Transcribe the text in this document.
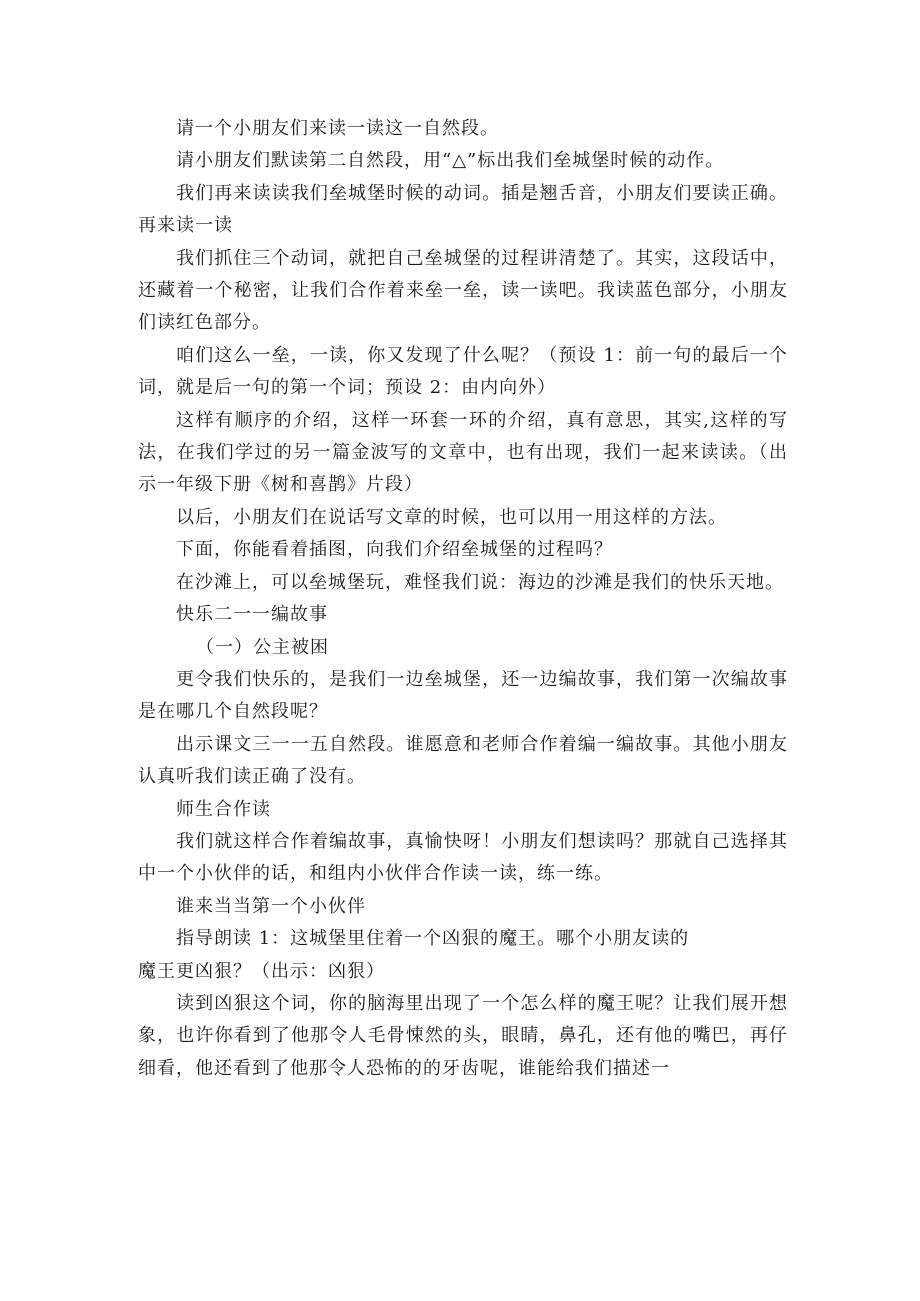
请一个小朋友们来读一读这一自然段。

请小朋友们默读第二自然段，用“△”标出我们垒城堡时候的动作。

我们再来读读我们垒城堡时候的动词。插是翘舌音，小朋友们要读正确。再来读一读

我们抓住三个动词，就把自己垒城堡的过程讲清楚了。其实，这段话中，还藏着一个秘密，让我们合作着来垒一垒，读一读吧。我读蓝色部分，小朋友们读红色部分。

咱们这么一垒，一读，你又发现了什么呢？（预设 1：前一句的最后一个词，就是后一句的第一个词；预设 2：由内向外）

这样有顺序的介绍，这样一环套一环的介绍，真有意思，其实,这样的写法，在我们学过的另一篇金波写的文章中，也有出现，我们一起来读读。（出示一年级下册《树和喜鹊》片段）

以后，小朋友们在说话写文章的时候，也可以用一用这样的方法。

下面，你能看着插图，向我们介绍垒城堡的过程吗？

在沙滩上，可以垒城堡玩，难怪我们说：海边的沙滩是我们的快乐天地。

快乐二一一编故事

（一）公主被困

更令我们快乐的，是我们一边垒城堡，还一边编故事，我们第一次编故事是在哪几个自然段呢？

出示课文三一一五自然段。谁愿意和老师合作着编一编故事。其他小朋友认真听我们读正确了没有。

师生合作读

我们就这样合作着编故事，真愉快呀！小朋友们想读吗？那就自己选择其中一个小伙伴的话，和组内小伙伴合作读一读，练一练。

谁来当当第一个小伙伴

指导朗读 1：这城堡里住着一个凶狠的魔王。哪个小朋友读的

魔王更凶狠？（出示：凶狠）

读到凶狠这个词，你的脑海里出现了一个怎么样的魔王呢？让我们展开想象，也许你看到了他那令人毛骨悚然的头，眼睛，鼻孔，还有他的嘴巴，再仔细看，他还看到了他那令人恐怖的的牙齿呢，谁能给我们描述一
